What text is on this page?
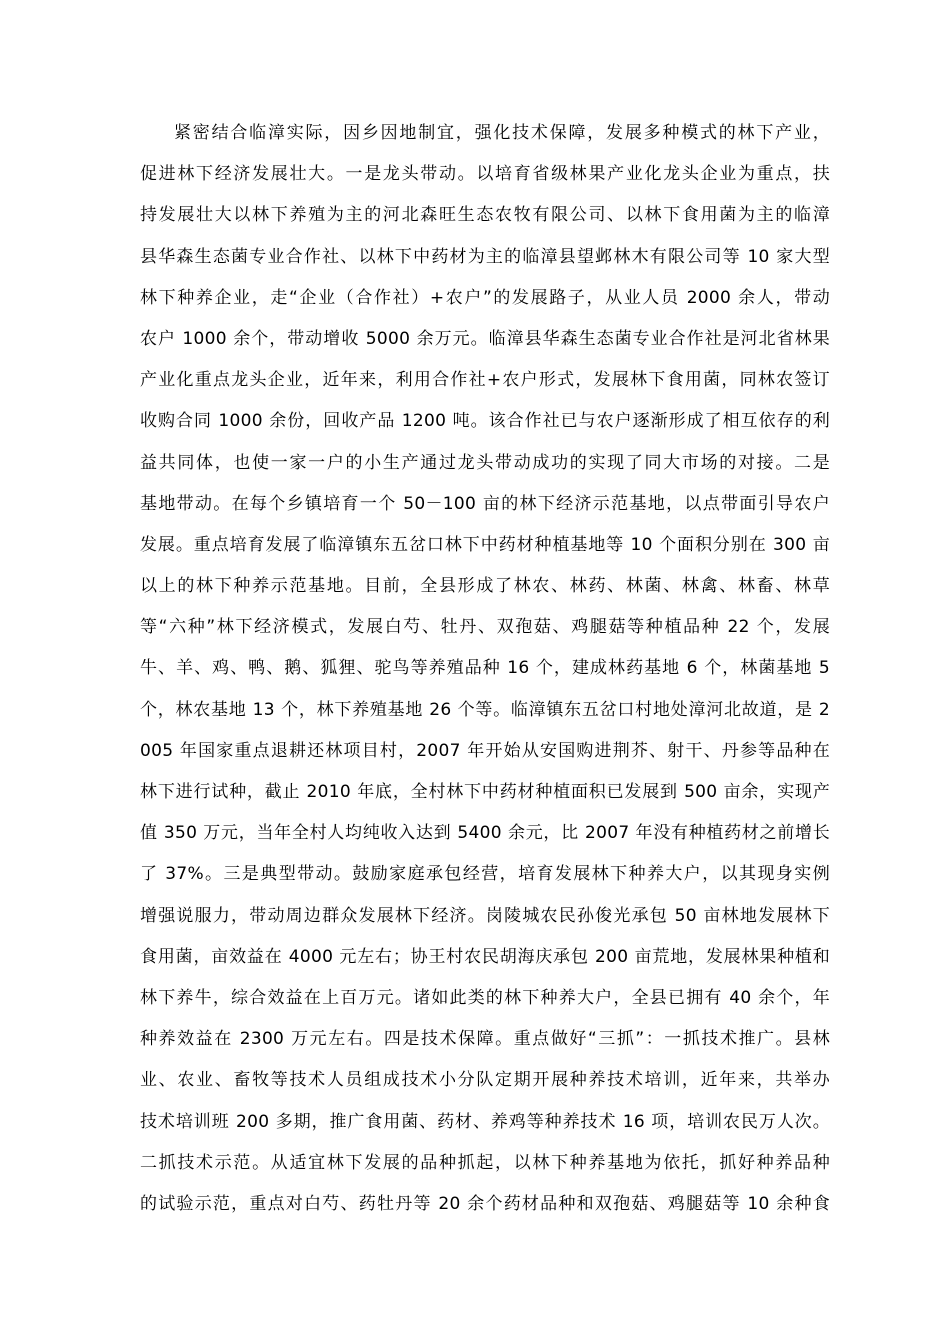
紧密结合临漳实际，因乡因地制宜，强化技术保障，发展多种模式的林下产业，
促进林下经济发展壮大。一是龙头带动。以培育省级林果产业化龙头企业为重点，扶
持发展壮大以林下养殖为主的河北森旺生态农牧有限公司、以林下食用菌为主的临漳
县华森生态菌专业合作社、以林下中药材为主的临漳县望邺林木有限公司等 10 家大型
林下种养企业，走“企业（合作社）+农户”的发展路子，从业人员 2000 余人，带动
农户 1000 余个，带动增收 5000 余万元。临漳县华森生态菌专业合作社是河北省林果
产业化重点龙头企业，近年来，利用合作社+农户形式，发展林下食用菌，同林农签订
收购合同 1000 余份，回收产品 1200 吨。该合作社已与农户逐渐形成了相互依存的利
益共同体，也使一家一户的小生产通过龙头带动成功的实现了同大市场的对接。二是
基地带动。在每个乡镇培育一个 50－100 亩的林下经济示范基地，以点带面引导农户
发展。重点培育发展了临漳镇东五岔口林下中药材种植基地等 10 个面积分别在 300 亩
以上的林下种养示范基地。目前，全县形成了林农、林药、林菌、林禽、林畜、林草
等“六种”林下经济模式，发展白芍、牡丹、双孢菇、鸡腿菇等种植品种 22 个，发展
牛、羊、鸡、鸭、鹅、狐狸、驼鸟等养殖品种 16 个，建成林药基地 6 个，林菌基地 5
个，林农基地 13 个，林下养殖基地 26 个等。临漳镇东五岔口村地处漳河北故道，是 2
005 年国家重点退耕还林项目村，2007 年开始从安国购进荆芥、射干、丹参等品种在
林下进行试种，截止 2010 年底，全村林下中药材种植面积已发展到 500 亩余，实现产
值 350 万元，当年全村人均纯收入达到 5400 余元，比 2007 年没有种植药材之前增长
了 37%。三是典型带动。鼓励家庭承包经营，培育发展林下种养大户，以其现身实例
增强说服力，带动周边群众发展林下经济。岗陵城农民孙俊光承包 50 亩林地发展林下
食用菌，亩效益在 4000 元左右；协王村农民胡海庆承包 200 亩荒地，发展林果种植和
林下养牛，综合效益在上百万元。诸如此类的林下种养大户，全县已拥有 40 余个，年
种养效益在 2300 万元左右。四是技术保障。重点做好“三抓”：一抓技术推广。县林
业、农业、畜牧等技术人员组成技术小分队定期开展种养技术培训，近年来，共举办
技术培训班 200 多期，推广食用菌、药材、养鸡等种养技术 16 项，培训农民万人次。
二抓技术示范。从适宜林下发展的品种抓起，以林下种养基地为依托，抓好种养品种
的试验示范，重点对白芍、药牡丹等 20 余个药材品种和双孢菇、鸡腿菇等 10 余种食
